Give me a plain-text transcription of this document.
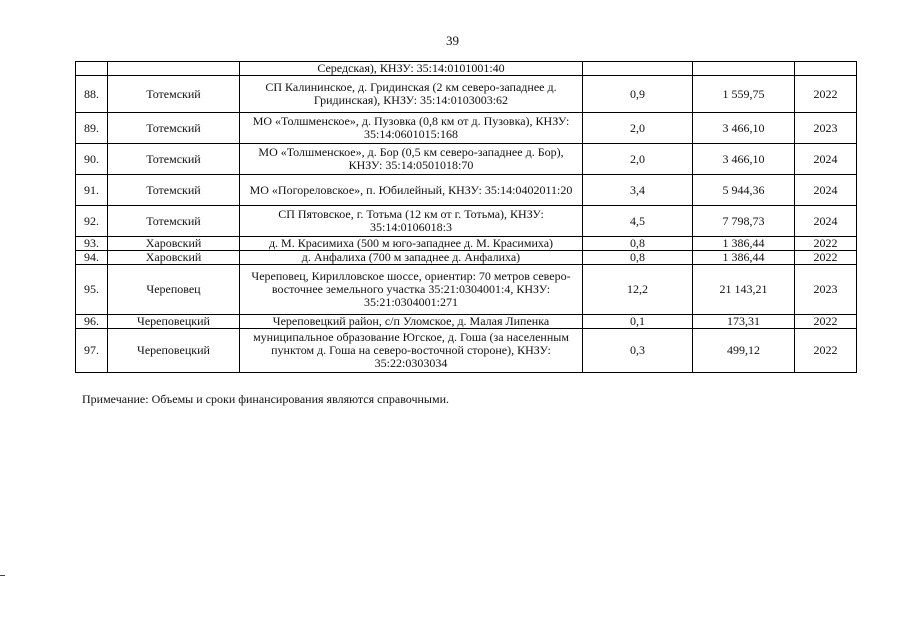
39
		Середская), КНЗУ: 35:14:0101001:40			
88.	Тотемский	СП Калининское, д. Гридинская (2 км северо-западнее д. Гридинская), КНЗУ: 35:14:0103003:62	0,9	1 559,75	2022
89.	Тотемский	МО «Толшменское», д. Пузовка (0,8 км от д. Пузовка), КНЗУ: 35:14:0601015:168	2,0	3 466,10	2023
90.	Тотемский	МО «Толшменское», д. Бор (0,5 км северо-западнее д. Бор), КНЗУ: 35:14:0501018:70	2,0	3 466,10	2024
91.	Тотемский	МО «Погореловское», п. Юбилейный, КНЗУ: 35:14:0402011:20	3,4	5 944,36	2024
92.	Тотемский	СП Пятовское, г. Тотьма (12 км от г. Тотьма), КНЗУ: 35:14:0106018:3	4,5	7 798,73	2024
93.	Харовский	д. М. Красимиха (500 м юго-западнее д. М. Красимиха)	0,8	1 386,44	2022
94.	Харовский	д. Анфалиха (700 м западнее д. Анфалиха)	0,8	1 386,44	2022
95.	Череповец	Череповец, Кирилловское шоссе, ориентир: 70 метров северо-восточнее земельного участка 35:21:0304001:4, КНЗУ: 35:21:0304001:271	12,2	21 143,21	2023
96.	Череповецкий	Череповецкий район, с/п Уломское, д. Малая Липенка	0,1	173,31	2022
97.	Череповецкий	муниципальное образование Югское, д. Гоша (за населенным пунктом д. Гоша на северо-восточной стороне), КНЗУ: 35:22:0303034	0,3	499,12	2022
Примечание: Объемы и сроки финансирования являются справочными.
